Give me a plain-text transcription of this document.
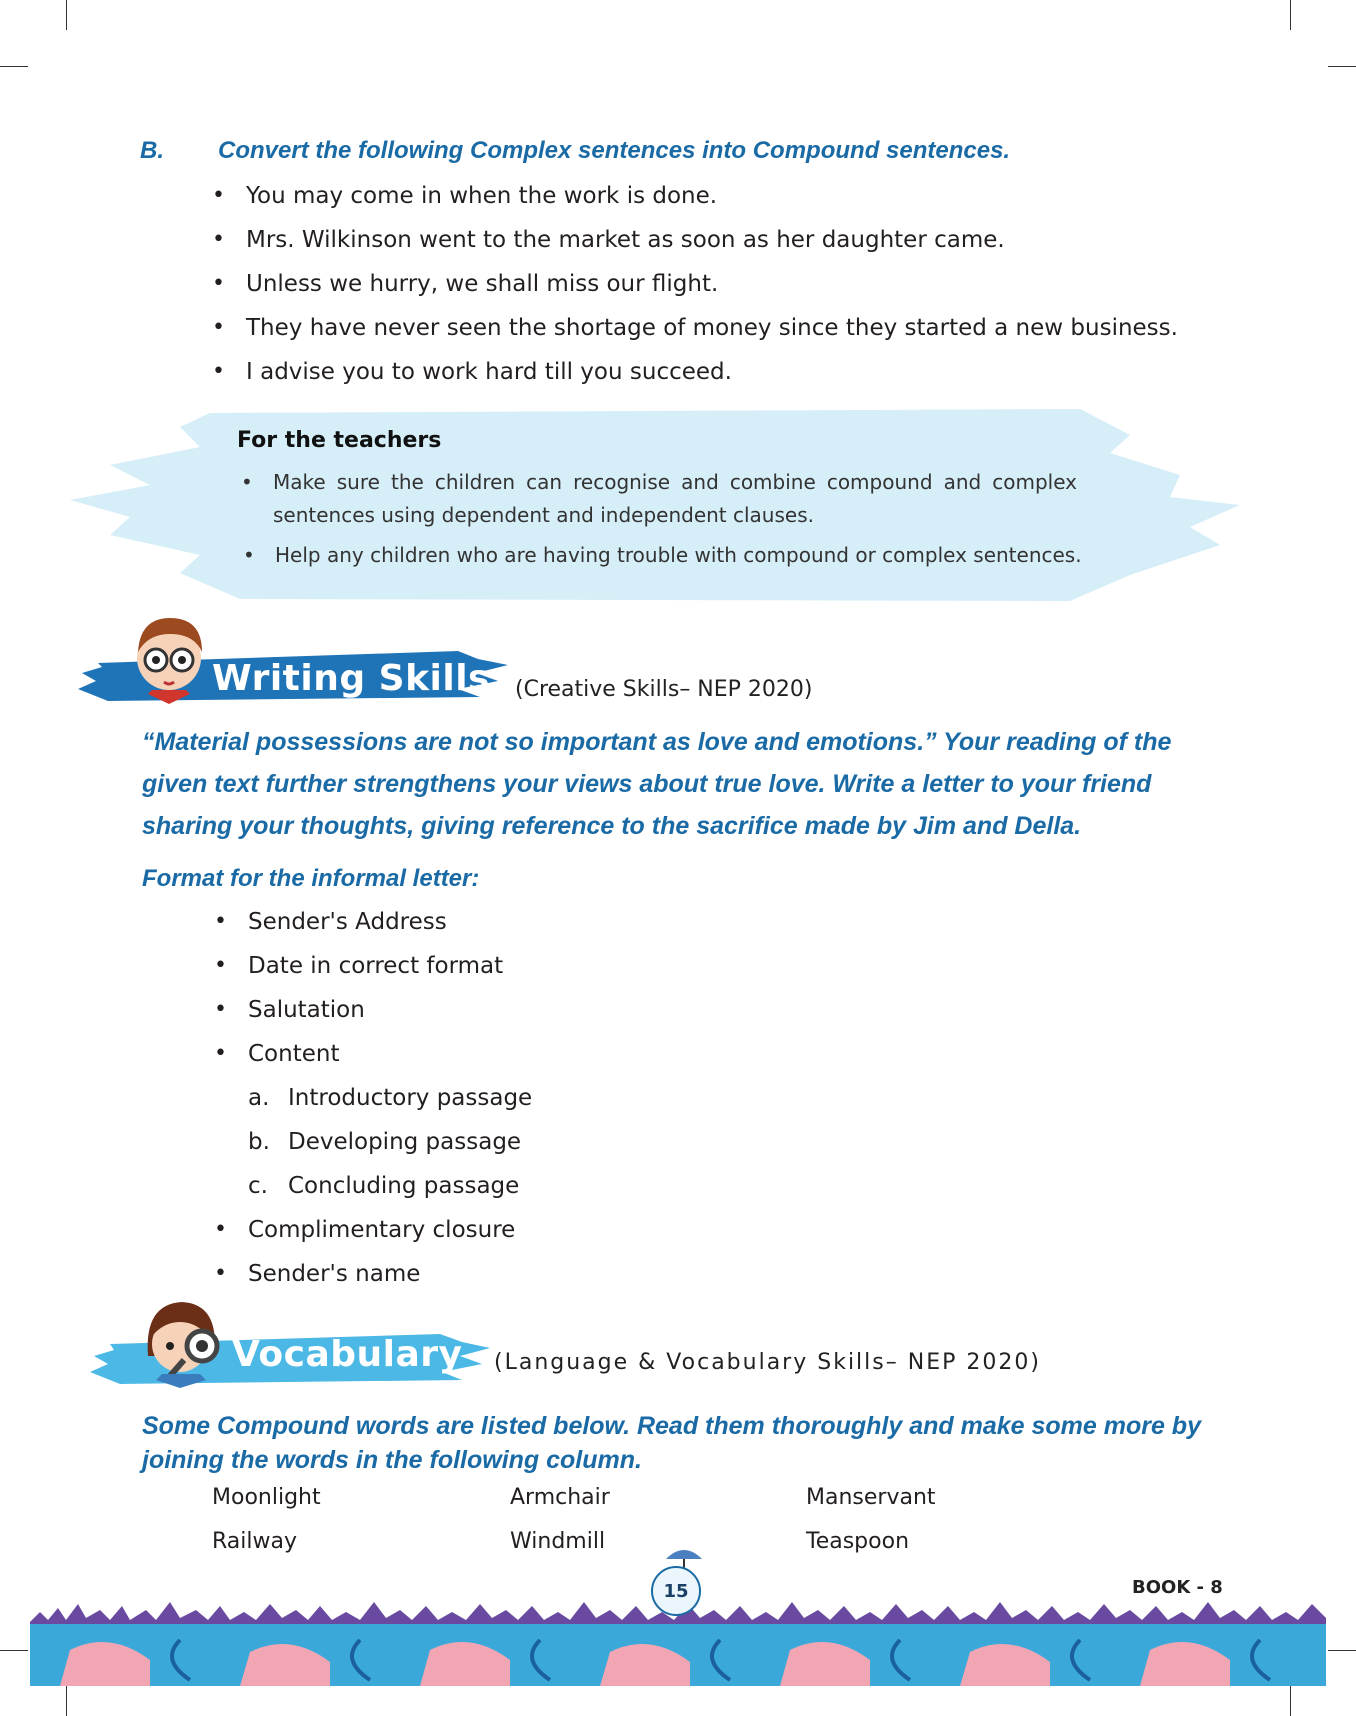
B. Convert the following Complex sentences into Compound sentences.
• You may come in when the work is done.
• Mrs. Wilkinson went to the market as soon as her daughter came.
• Unless we hurry, we shall miss our flight.
• They have never seen the shortage of money since they started a new business.
• I advise you to work hard till you succeed.
For the teachers
• Make sure the children can recognise and combine compound and complex sentences using dependent and independent clauses.
• Help any children who are having trouble with compound or complex sentences.
Writing Skills (Creative Skills– NEP 2020)
“Material possessions are not so important as love and emotions.” Your reading of the given text further strengthens your views about true love. Write a letter to your friend sharing your thoughts, giving reference to the sacrifice made by Jim and Della.
Format for the informal letter:
• Sender's Address
• Date in correct format
• Salutation
• Content
a. Introductory passage
b. Developing passage
c. Concluding passage
• Complimentary closure
• Sender's name
Vocabulary (Language & Vocabulary Skills– NEP 2020)
Some Compound words are listed below. Read them thoroughly and make some more by joining the words in the following column.
Moonlight	Armchair	Manservant
Railway	Windmill	Teaspoon
15	BOOK - 8
